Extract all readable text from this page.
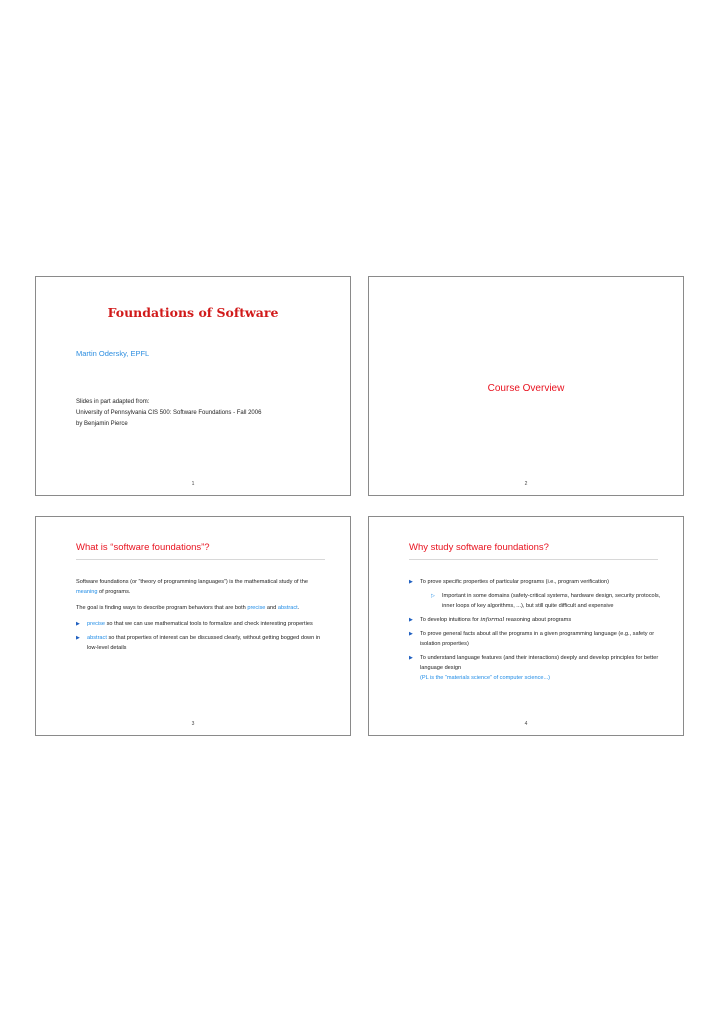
Foundations of Software
Martin Odersky, EPFL
Slides in part adapted from:
University of Pennsylvania CIS 500: Software Foundations - Fall 2006
by Benjamin Pierce
1
Course Overview
2
What is “software foundations”?

Software foundations (or ”theory of programming languages”) is the mathematical study of the meaning of programs.

The goal is finding ways to describe program behaviors that are both precise and abstract.

▶ precise so that we can use mathematical tools to formalize and check interesting properties
▶ abstract so that properties of interest can be discussed clearly, without getting bogged down in low-level details
3
Why study software foundations?
▶ To prove specific properties of particular programs (i.e., program verification)
▷ Important in some domains (safety-critical systems, hardware design, security protocols, inner loops of key algorithms, ...), but still quite difficult and expensive
▶ To develop intuitions for informal reasoning about programs
▶ To prove general facts about all the programs in a given programming language (e.g., safety or isolation properties)
▶ To understand language features (and their interactions) deeply and develop principles for better language design
(PL is the “materials science” of computer science...)
4
